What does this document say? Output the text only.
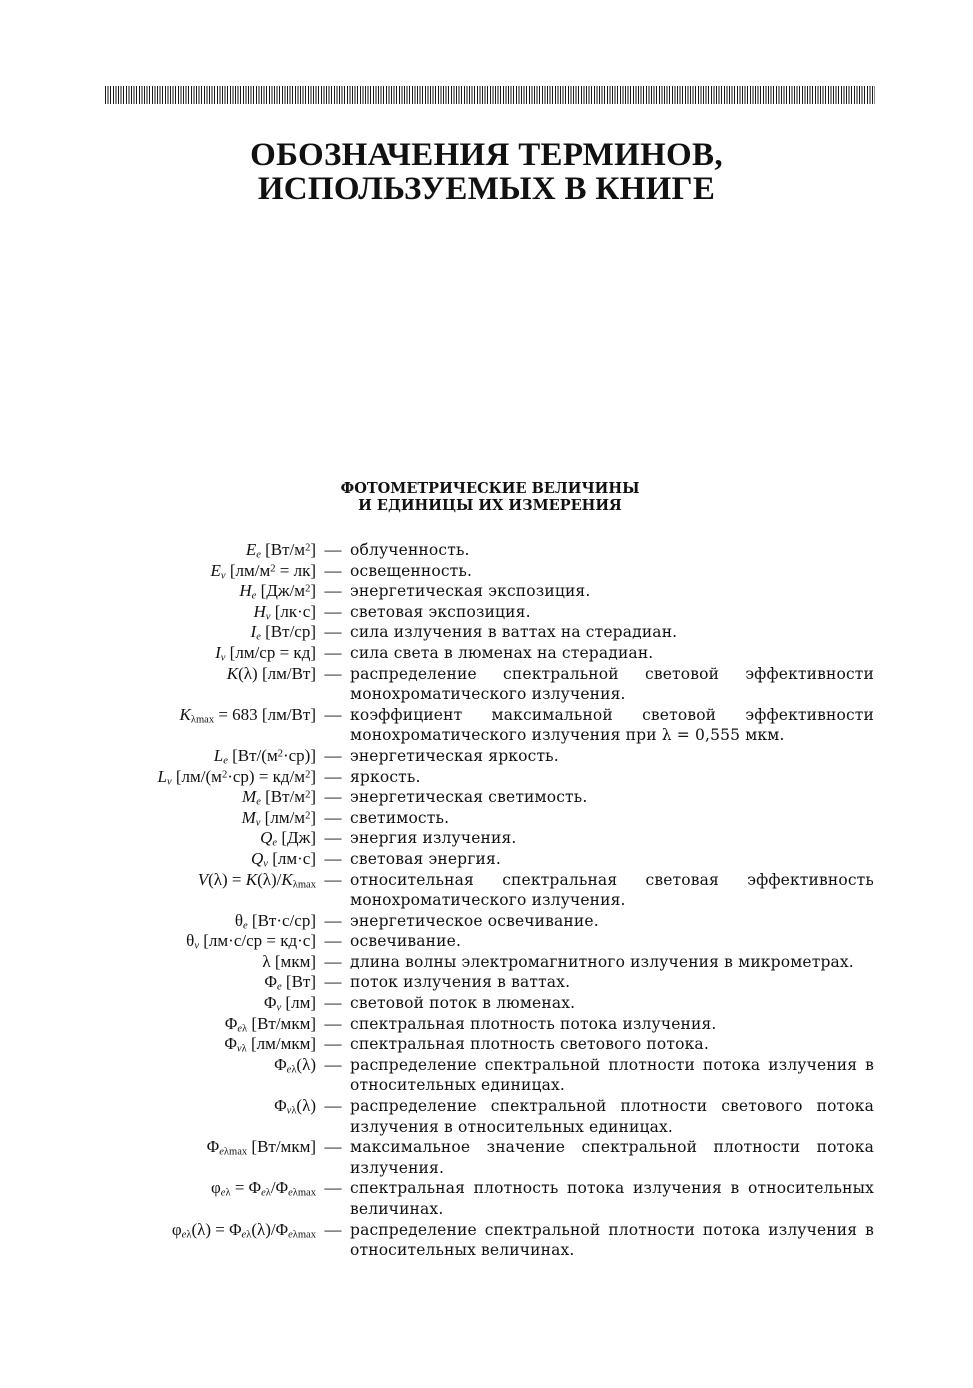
ОБОЗНАЧЕНИЯ ТЕРМИНОВ,
ИСПОЛЬЗУЕМЫХ В КНИГЕ
ФОТОМЕТРИЧЕСКИЕ ВЕЛИЧИНЫ
И ЕДИНИЦЫ ИХ ИЗМЕРЕНИЯ
$E_e$ $[Вт/м^2]$ — облученность.
$E_v$ $[лм/м^2 = лк]$ — освещенность.
$H_e$ $[Дж/м^2]$ — энергетическая экспозиция.
$H_v$ [лк·с] — световая экспозиция.
$I_e$ [Вт/ср] — сила излучения в ваттах на стерадиан.
$I_v$ [лм/ср = кд] — сила света в люменах на стерадиан.
K(λ) [лм/Вт] — распределение спектральной световой эффективности монохроматического излучения.
$K_{\lambda max} = 683$ [лм/Вт] — коэффициент максимальной световой эффективности монохроматического излучения при λ = 0,555 мкм.
$L_e$ $[Вт/(м^2\cdot ср)]$ — энергетическая яркость.
$L_v$ $[лм/(м^2\cdot ср) = кд/м^2]$ — яркость.
$M_e$ $[Вт/м^2]$ — энергетическая светимость.
$M_v$ $[лм/м^2]$ — светимость.
$Q_e$ [Дж] — энергия излучения.
$Q_v$ [лм·с] — световая энергия.
$V(\lambda) = K(\lambda)/K_{\lambda max}$ — относительная спектральная световая эффективность монохроматического излучения.
$\theta_e$ [Вт·с/ср] — энергетическое освечивание.
$\theta_v$ [лм·с/ср = кд·с] — освечивание.
λ [мкм] — длина волны электромагнитного излучения в микрометрах.
$\Phi_e$ [Вт] — поток излучения в ваттах.
$\Phi_v$ [лм] — световой поток в люменах.
$\Phi_{e\lambda}$ [Вт/мкм] — спектральная плотность потока излучения.
$\Phi_{v\lambda}$ [лм/мкм] — спектральная плотность светового потока.
$\Phi_{e\lambda}(\lambda)$ — распределение спектральной плотности потока излучения в относительных единицах.
$\Phi_{v\lambda}(\lambda)$ — распределение спектральной плотности светового потока излучения в относительных единицах.
$\Phi_{e\lambda max}$ [Вт/мкм] — максимальное значение спектральной плотности потока излучения.
$\varphi_{e\lambda} = \Phi_{e\lambda}/\Phi_{e\lambda max}$ — спектральная плотность потока излучения в относительных величинах.
$\varphi_{e\lambda}(\lambda) = \Phi_{e\lambda}(\lambda)/\Phi_{e\lambda max}$ — распределение спектральной плотности потока излучения в относительных величинах.
